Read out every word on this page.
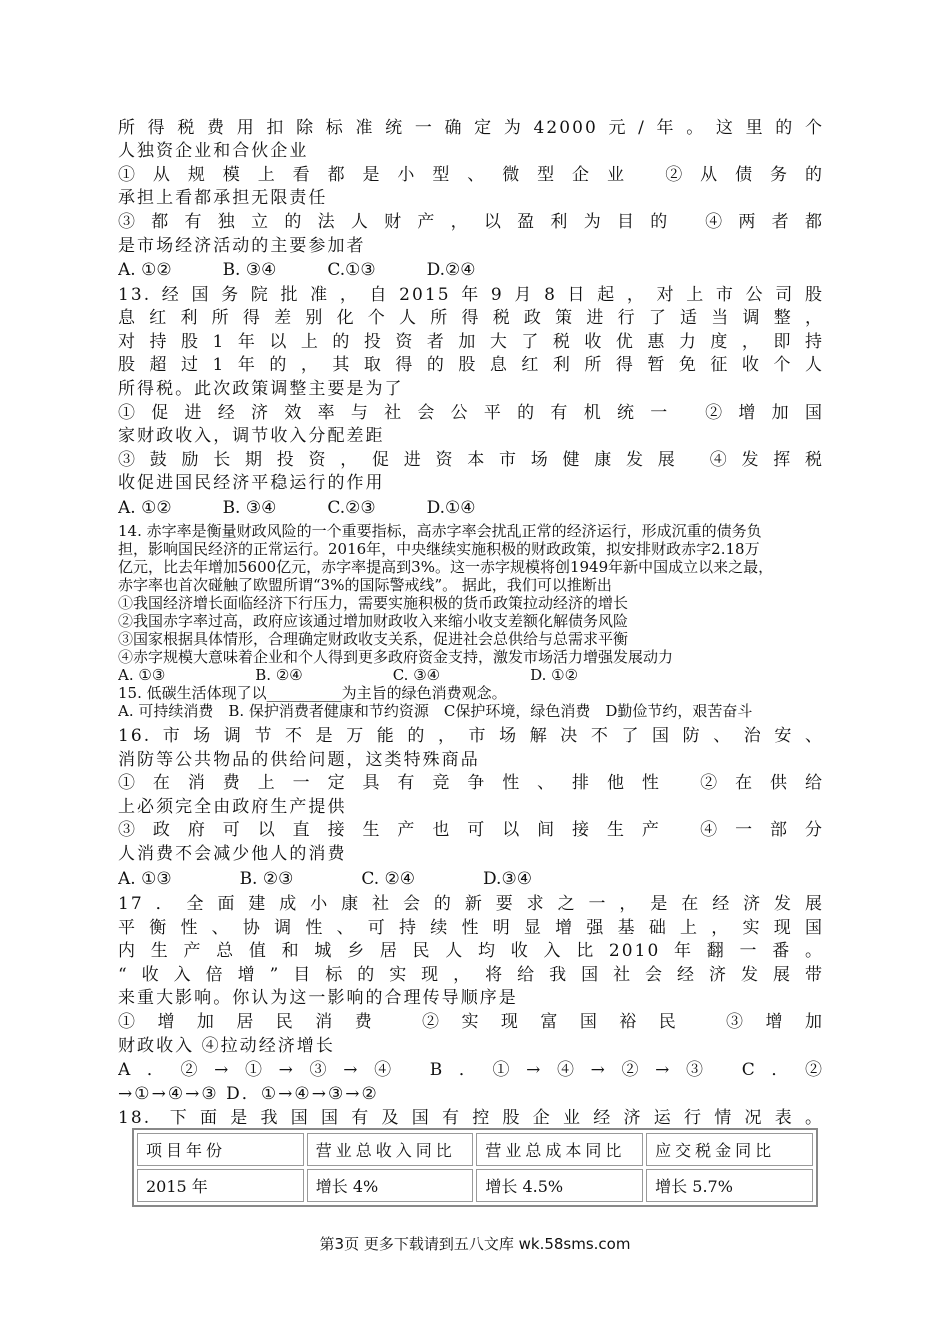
所得税费用扣除标准统一确定为42000元/年。这里的个
人独资企业和合伙企业
①从规模上看都是小型、微型企业 ②从债务的
承担上看都承担无限责任
③都有独立的法人财产，以盈利为目的 ④两者都
是市场经济活动的主要参加者
A. ①②　　　B. ③④　　　C.①③　　　D.②④
13.经国务院批准，自2015年9月8日起，对上市公司股
息红利所得差别化个人所得税政策进行了适当调整，
对持股1年以上的投资者加大了税收优惠力度，即持
股超过1年的，其取得的股息红利所得暂免征收个人
所得税。此次政策调整主要是为了
①促进经济效率与社会公平的有机统一 ②增加国
家财政收入，调节收入分配差距
③鼓励长期投资，促进资本市场健康发展 ④发挥税
收促进国民经济平稳运行的作用
A. ①②　　　B. ③④　　　C.②③　　　D.①④
14. 赤字率是衡量财政风险的一个重要指标，高赤字率会扰乱正常的经济运行，形成沉重的债务负
担，影响国民经济的正常运行。2016年，中央继续实施积极的财政政策，拟安排财政赤字2.18万
亿元，比去年增加5600亿元，赤字率提高到3%。这一赤字规模将创1949年新中国成立以来之最，
赤字率也首次碰触了欧盟所谓“3%的国际警戒线”。 据此，我们可以推断出
①我国经济增长面临经济下行压力，需要实施积极的货币政策拉动经济的增长
②我国赤字率过高，政府应该通过增加财政收入来缩小收支差额化解债务风险
③国家根据具体情形，合理确定财政收支关系，促进社会总供给与总需求平衡
④赤字规模大意味着企业和个人得到更多政府资金支持，激发市场活力增强发展动力
A. ①③　　　　　　B. ②④　　　　　　C. ③④　　　　　　D. ①②
15. 低碳生活体现了以__________为主旨的绿色消费观念。
A. 可持续消费　B. 保护消费者健康和节约资源　C保护环境，绿色消费　D勤俭节约，艰苦奋斗
16.市场调节不是万能的，市场解决不了国防、治安、
消防等公共物品的供给问题，这类特殊商品
①在消费上一定具有竞争性、排他性 ②在供给
上必须完全由政府生产提供
③政府可以直接生产也可以间接生产 ④一部分
人消费不会减少他人的消费
A. ①③　　　　B. ②③　　　　C. ②④　　　　D.③④
17．全面建成小康社会的新要求之一，是在经济发展
平衡性、协调性、可持续性明显增强基础上，实现国
内生产总值和城乡居民人均收入比2010年翻一番。
“收入倍增”目标的实现，将给我国社会经济发展带
来重大影响。你认为这一影响的合理传导顺序是
①增加居民消费 ②实现富国裕民 ③增加
财政收入 ④拉动经济增长
A．②→①→③→④ B．①→④→②→③ C．②
→①→④→③ D．①→④→③→②
18. 下面是我国国有及国有控股企业经济运行情况表。
项目年份	营业总收入同比	营业总成本同比	应交税金同比
2015 年	增长 4%	增长 4.5%	增长 5.7%
第3页 更多下载请到五八文库 wk.58sms.com
